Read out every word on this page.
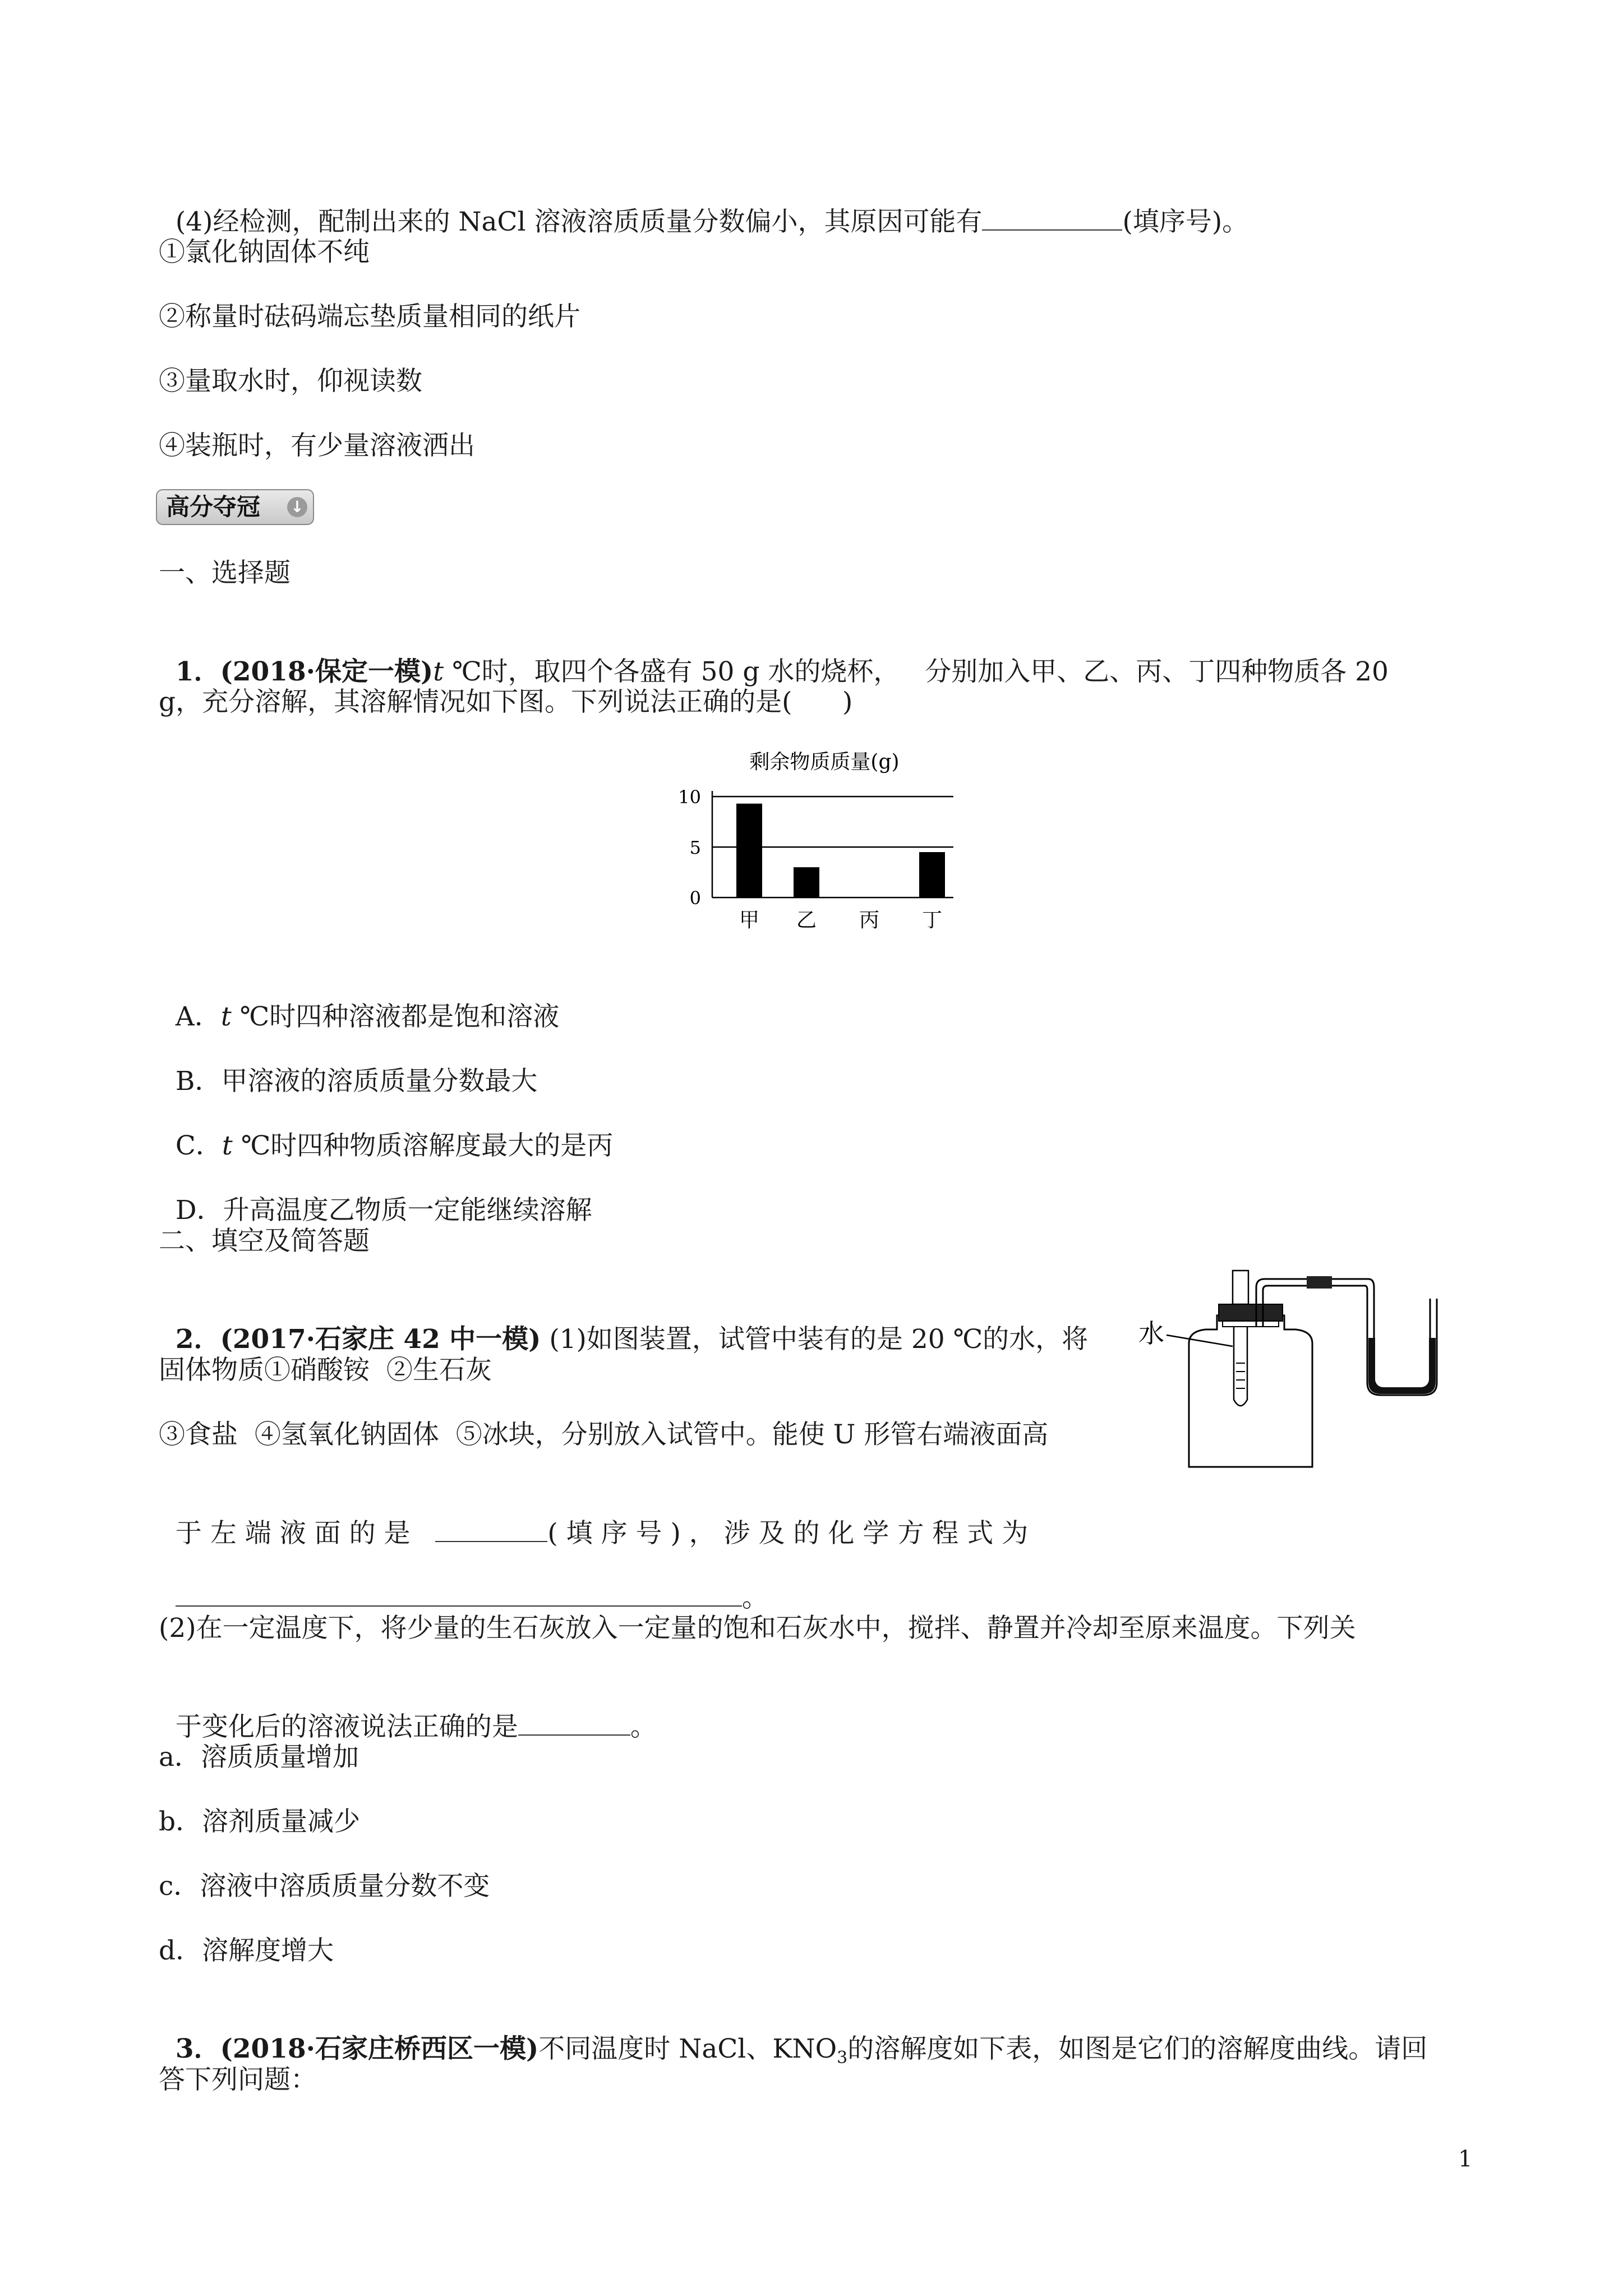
(4)经检测，配制出来的 NaCl 溶液溶质质量分数偏小，其原因可能有	(填序号)。

①氯化钠固体不纯
②称量时砝码端忘垫质量相同的纸片
③量取水时，仰视读数
④装瓶时，有少量溶液洒出
高分夺冠 ↓
一、选择题

1．(2018·保定一模)t ℃时，取四个各盛有 50 g 水的烧杯，   分别加入甲、乙、丙、丁四种物质各 20

g，充分溶解，其溶解情况如下图。下列说法正确的是(      )
剩余物质质量(g)
10
5
0
甲 乙 丙 丁

A．t ℃时四种溶液都是饱和溶液

B．甲溶液的溶质质量分数最大

C．t ℃时四种物质溶解度最大的是丙

D．升高温度乙物质一定能继续溶解

二、填空及简答题

2．(2017·石家庄 42 中一模) (1)如图装置，试管中装有的是 20 ℃的水，将

固体物质①硝酸铵  ②生石灰
③食盐  ④氢氧化钠固体  ⑤冰块，分别放入试管中。能使 U 形管右端液面高

于 左 端 液 面 的 是	( 填 序 号 ) ， 涉 及 的 化 学 方 程 式 为

。

水
(2)在一定温度下，将少量的生石灰放入一定量的饱和石灰水中，搅拌、静置并冷却至原来温度。下列关

于变化后的溶液说法正确的是	。

a．溶质质量增加
b．溶剂质量减少
c．溶液中溶质质量分数不变
d．溶解度增大

3．(2018·石家庄桥西区一模)不同温度时 NaCl、$KNO_3$的溶解度如下表，如图是它们的溶解度曲线。请回

答下列问题：
1
